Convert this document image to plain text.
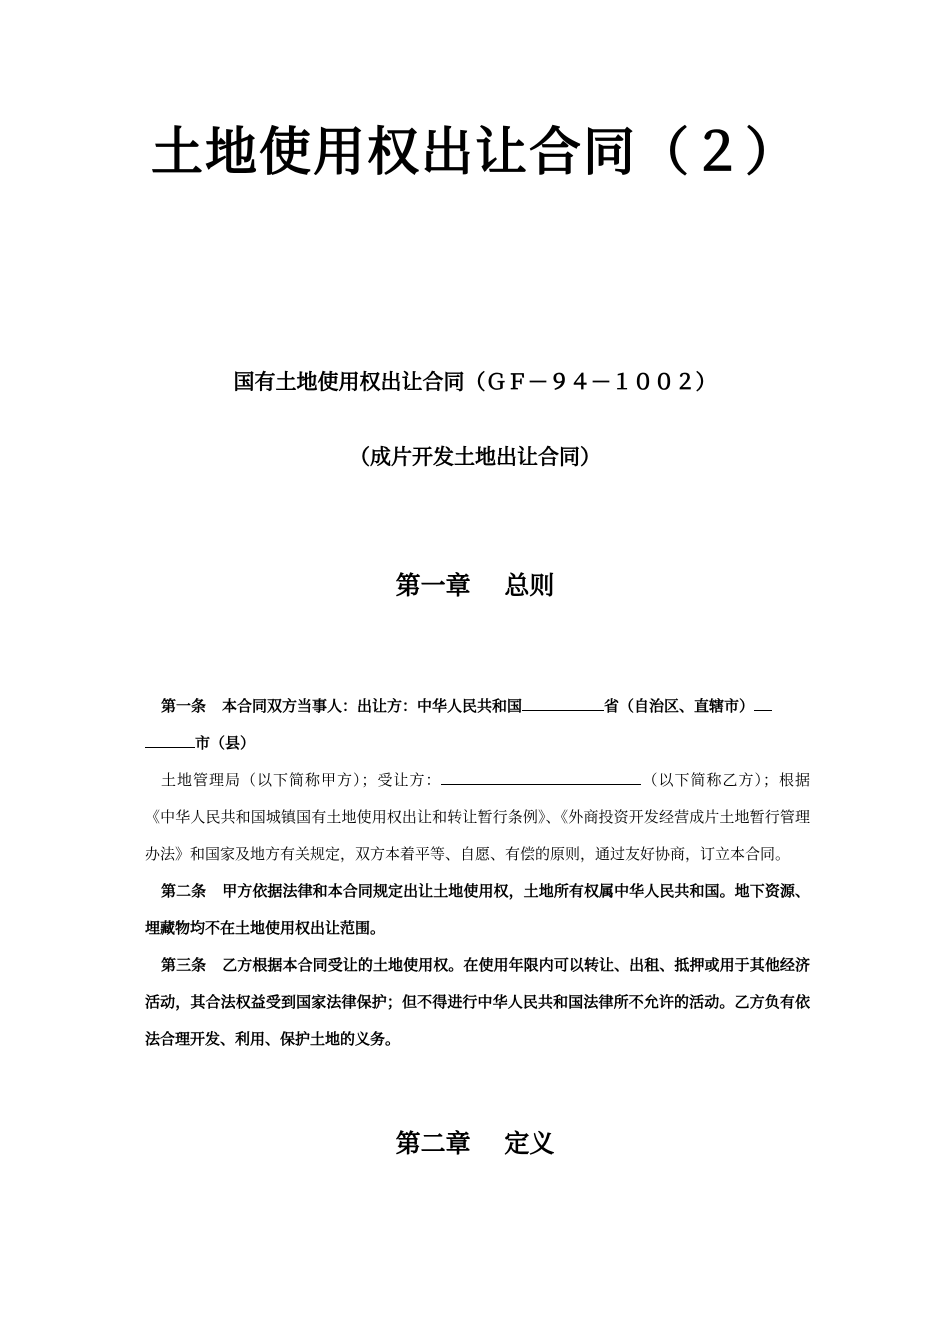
土地使用权出让合同（２）
国有土地使用权出让合同（ＧＦ－９４－１００２）
（成片开发土地出让合同）
第一章　 总则

第一条 本合同双方当事人：出让方：中华人民共和国	省（自治区、直辖市）

市（县）

土地管理局（以下简称甲方）；受让方：	（以下简称乙方）；根据《中华人民共和国城镇国有土地使用权出让和转让暂行条例》、《外商投资开发经营成片土地暂行管理办法》和国家及地方有关规定，双方本着平等、自愿、有偿的原则，通过友好协商，订立本合同。

第二条 甲方依据法律和本合同规定出让土地使用权，土地所有权属中华人民共和国。地下资源、埋藏物均不在土地使用权出让范围。

第三条 乙方根据本合同受让的土地使用权。在使用年限内可以转让、出租、抵押或用于其他经济活动，其合法权益受到国家法律保护；但不得进行中华人民共和国法律所不允许的活动。乙方负有依法合理开发、利用、保护土地的义务。

第二章　 定义
